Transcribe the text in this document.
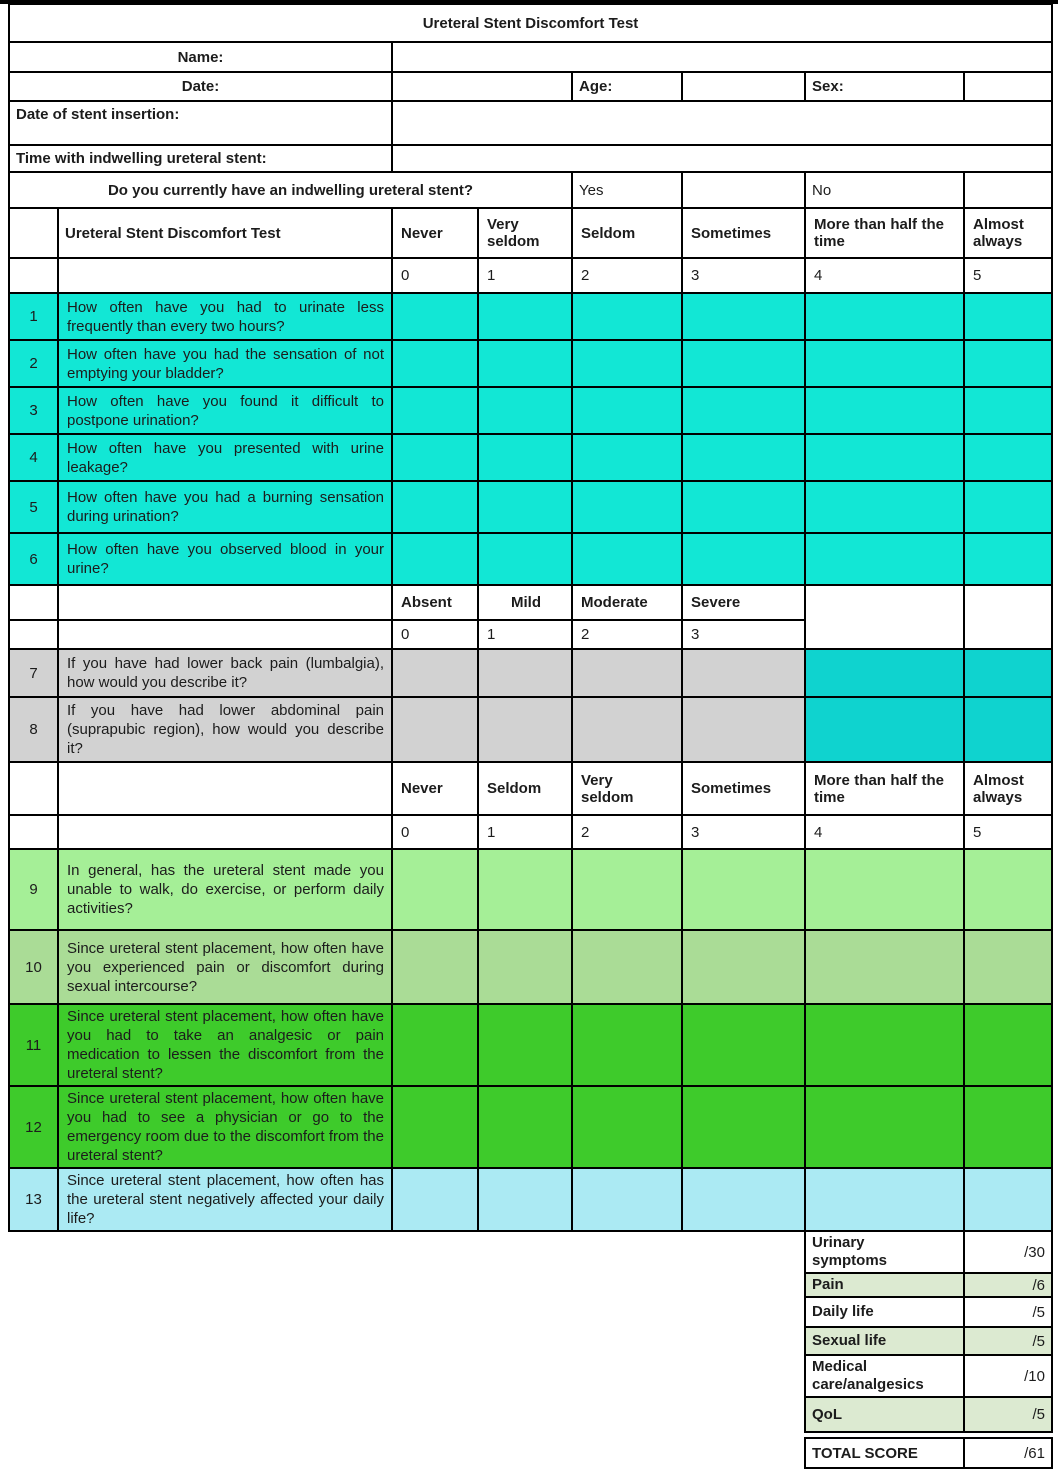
Ureteral Stent Discomfort Test					
Name:					
Date:		Age:		Sex:	
Date of stent insertion:					
Time with indwelling ureteral stent:					
Do you currently have an indwelling ureteral stent?		Yes		No	
	Ureteral Stent Discomfort Test	Never	Very seldom	Seldom	Sometimes	More than half the time	Almost always
		0	1	2	3	4	5
1	How often have you had to urinate less frequently than every two hours?						
2	How often have you had the sensation of not emptying your bladder?						
3	How often have you found it difficult to postpone urination?						
4	How often have you presented with urine leakage?						
5	How often have you had a burning sensation during urination?						
6	How often have you observed blood in your urine?						
		Absent	Mild	Moderate	Severe		
		0	1	2	3		
7	If you have had lower back pain (lumbalgia), how would you describe it?						
8	If you have had lower abdominal pain (suprapubic region), how would you describe it?						
		Never	Seldom	Very seldom	Sometimes	More than half the time	Almost always
		0	1	2	3	4	5
9	In general, has the ureteral stent made you unable to walk, do exercise, or perform daily activities?						
10	Since ureteral stent placement, how often have you experienced pain or discomfort during sexual intercourse?						
11	Since ureteral stent placement, how often have you had to take an analgesic or pain medication to lessen the discomfort from the ureteral stent?						
12	Since ureteral stent placement, how often have you had to see a physician or go to the emergency room due to the discomfort from the ureteral stent?						
13	Since ureteral stent placement, how often has the ureteral stent negatively affected your daily life?						
Urinary symptoms	/30
Pain	/6
Daily life	/5
Sexual life	/5
Medical care/analgesics	/10
QoL	/5
TOTAL SCORE	/61
